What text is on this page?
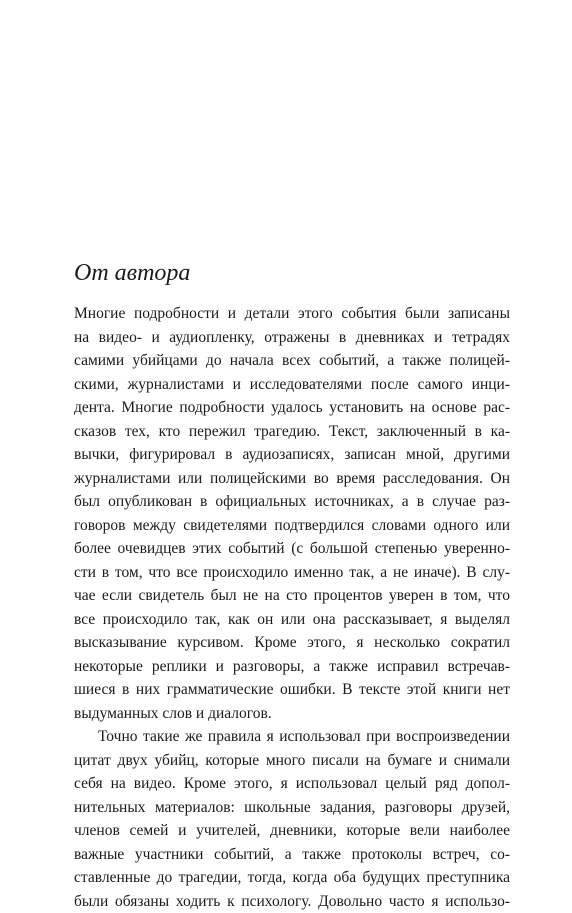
От автора
Многие подробности и детали этого события были записаны
на видео- и аудиопленку, отражены в дневниках и тетрадях
самими убийцами до начала всех событий, а также полицей-
скими, журналистами и исследователями после самого инци-
дента. Многие подробности удалось установить на основе рас-
сказов тех, кто пережил трагедию. Текст, заключенный в ка-
вычки, фигурировал в аудиозаписях, записан мной, другими
журналистами или полицейскими во время расследования. Он
был опубликован в официальных источниках, а в случае раз-
говоров между свидетелями подтвердился словами одного или
более очевидцев этих событий (с большой степенью уверенно-
сти в том, что все происходило именно так, а не иначе). В слу-
чае если свидетель был не на сто процентов уверен в том, что
все происходило так, как он или она рассказывает, я выделял
высказывание курсивом. Кроме этого, я несколько сократил
некоторые реплики и разговоры, а также исправил встречав-
шиеся в них грамматические ошибки. В тексте этой книги нет
выдуманных слов и диалогов.
Точно такие же правила я использовал при воспроизведении
цитат двух убийц, которые много писали на бумаге и снимали
себя на видео. Кроме этого, я использовал целый ряд допол-
нительных материалов: школьные задания, разговоры друзей,
членов семей и учителей, дневники, которые вели наиболее
важные участники событий, а также протоколы встреч, со-
ставленные до трагедии, тогда, когда оба будущих преступника
были обязаны ходить к психологу. Довольно часто я использо-
